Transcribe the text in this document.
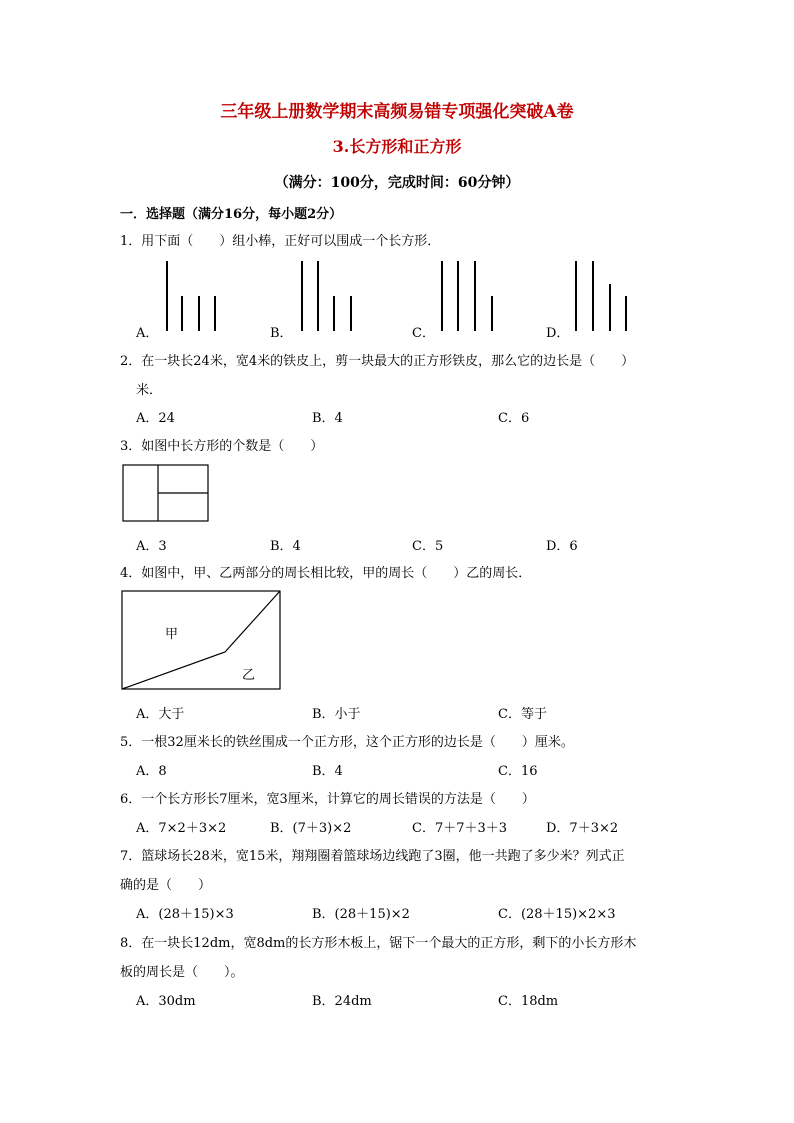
三年级上册数学期末高频易错专项强化突破A卷
3.长方形和正方形
（满分：100分，完成时间：60分钟）
一．选择题（满分16分，每小题2分）
1．用下面（　　）组小棒，正好可以围成一个长方形．
A．	B．	C．	D．
2．在一块长24米，宽4米的铁皮上，剪一块最大的正方形铁皮，那么它的边长是（　　）
米．
A．24	B．4	C．6
3．如图中长方形的个数是（　　）
A．3	B．4	C．5	D．6
4．如图中，甲、乙两部分的周长相比较，甲的周长（　　）乙的周长．
甲
乙
A．大于	B．小于	C．等于
5．一根32厘米长的铁丝围成一个正方形，这个正方形的边长是（　　）厘米。
A．8	B．4	C．16
6．一个长方形长7厘米，宽3厘米，计算它的周长错误的方法是（　　）
A．7×2＋3×2	B．(7＋3)×2	C．7＋7＋3＋3	D．7＋3×2
7．篮球场长28米，宽15米，翔翔圈着篮球场边线跑了3圈，他一共跑了多少米？列式正
确的是（　　）
A．(28＋15)×3	B．(28＋15)×2	C．(28＋15)×2×3
8．在一块长12dm，宽8dm的长方形木板上，锯下一个最大的正方形，剩下的小长方形木
板的周长是（　　）。
A．30dm	B．24dm	C．18dm
